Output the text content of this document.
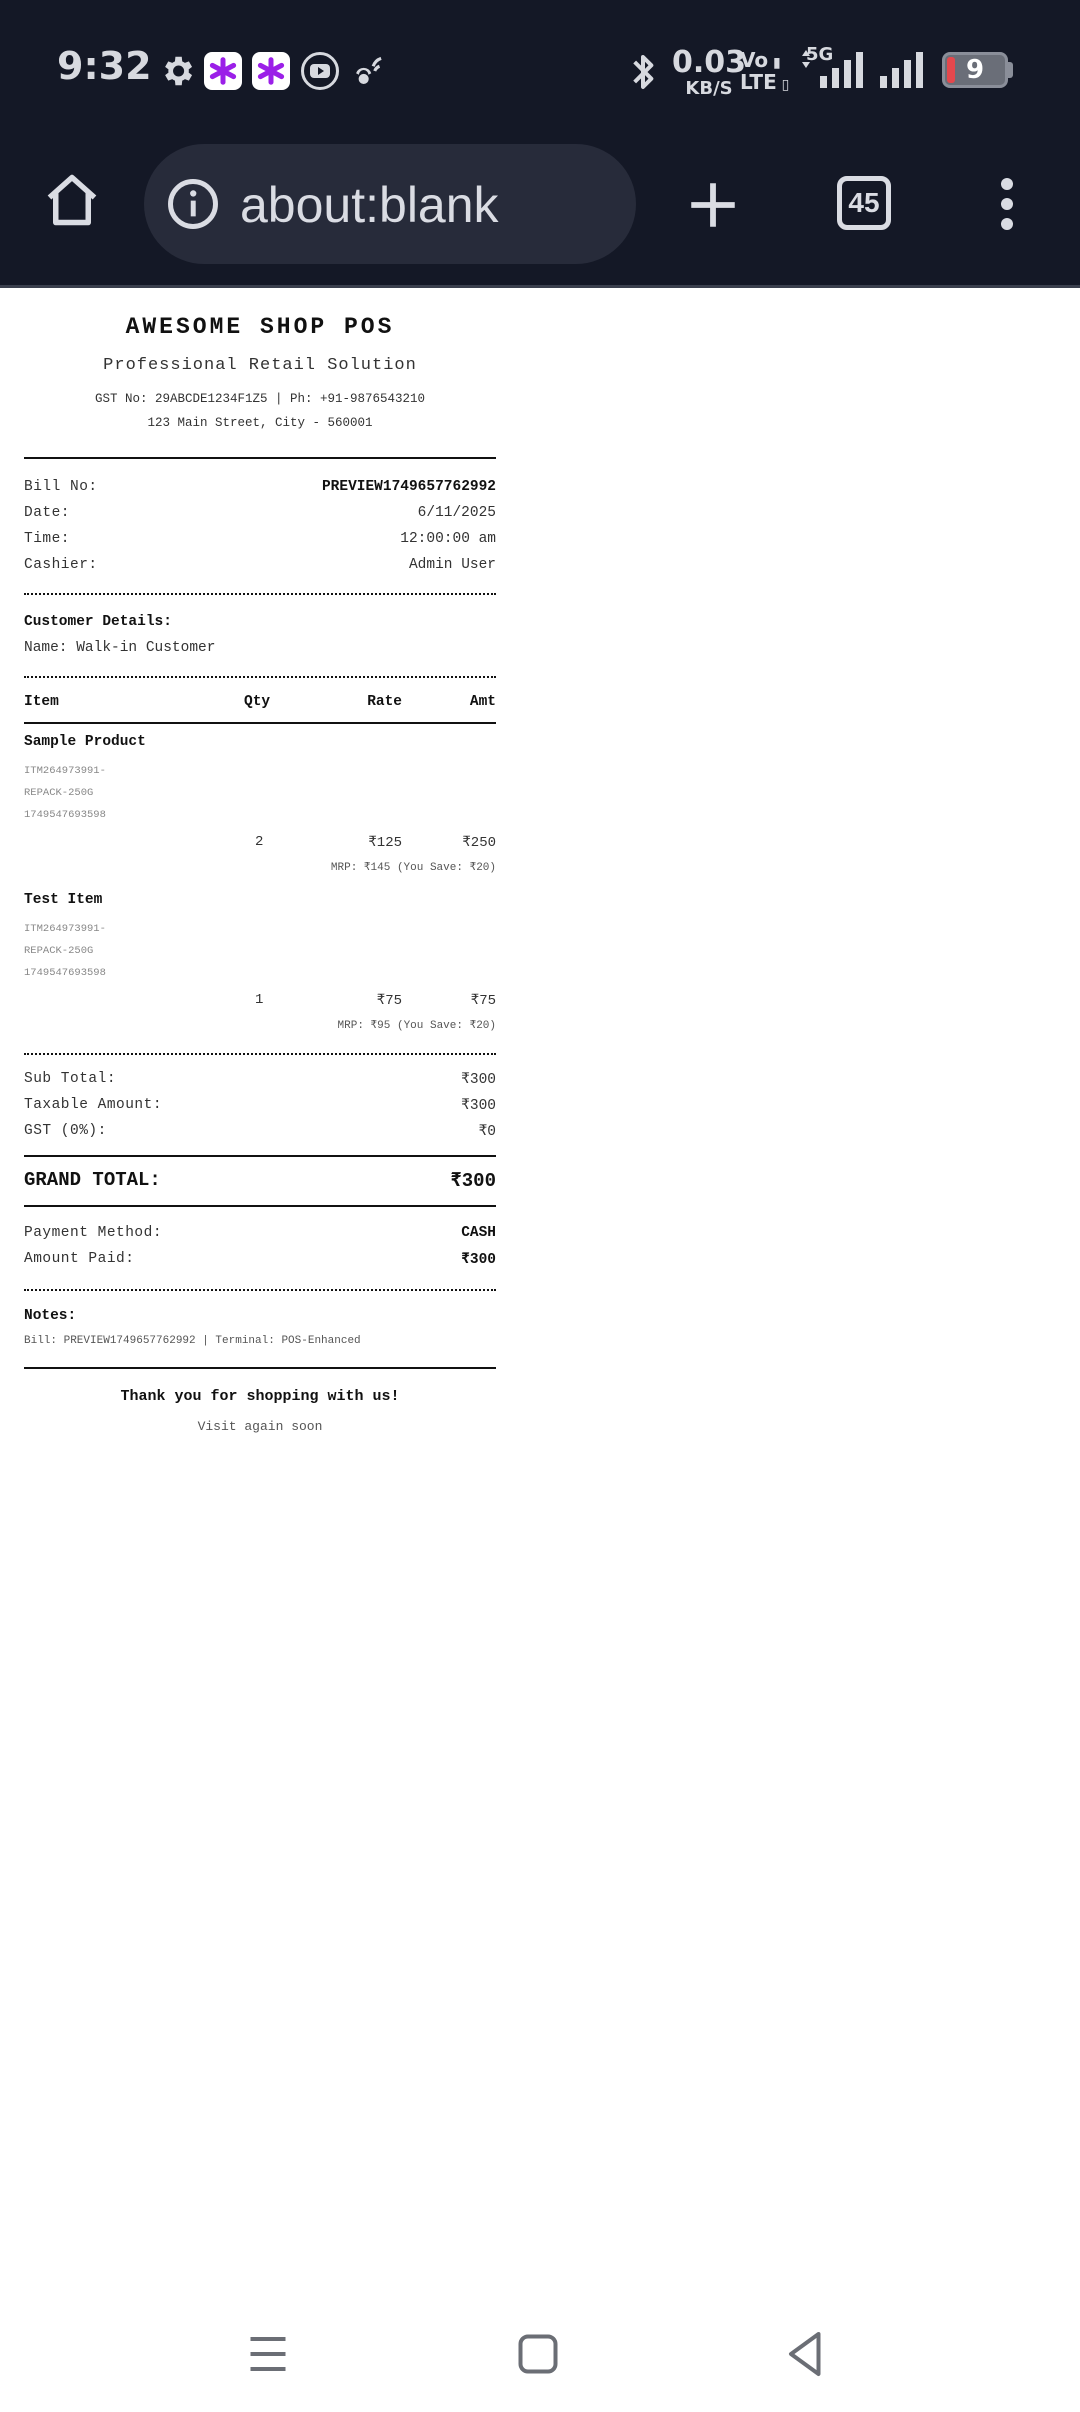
9:32	0.03
KB/S
Vo ▮
LTE ▯
5G
9
about:blank	45
AWESOME SHOP POS
Professional Retail Solution
GST No: 29ABCDE1234F1Z5 | Ph: +91-9876543210
123 Main Street, City - 560001
Bill No:	PREVIEW1749657762992
Date:	6/11/2025
Time:	12:00:00 am
Cashier:	Admin User
Customer Details:
Name: Walk-in Customer
Item	Qty	Rate	Amt
Sample Product
ITM264973991-
REPACK-250G
1749547693598
2	₹125	₹250
MRP: ₹145 (You Save: ₹20)
Test Item
ITM264973991-
REPACK-250G
1749547693598
1	₹75	₹75
MRP: ₹95 (You Save: ₹20)
Sub Total:	₹300
Taxable Amount:	₹300
GST (0%):	₹0
GRAND TOTAL:	₹300
Payment Method:	CASH
Amount Paid:	₹300
Notes:
Bill: PREVIEW1749657762992 | Terminal: POS-Enhanced
Thank you for shopping with us!
Visit again soon
